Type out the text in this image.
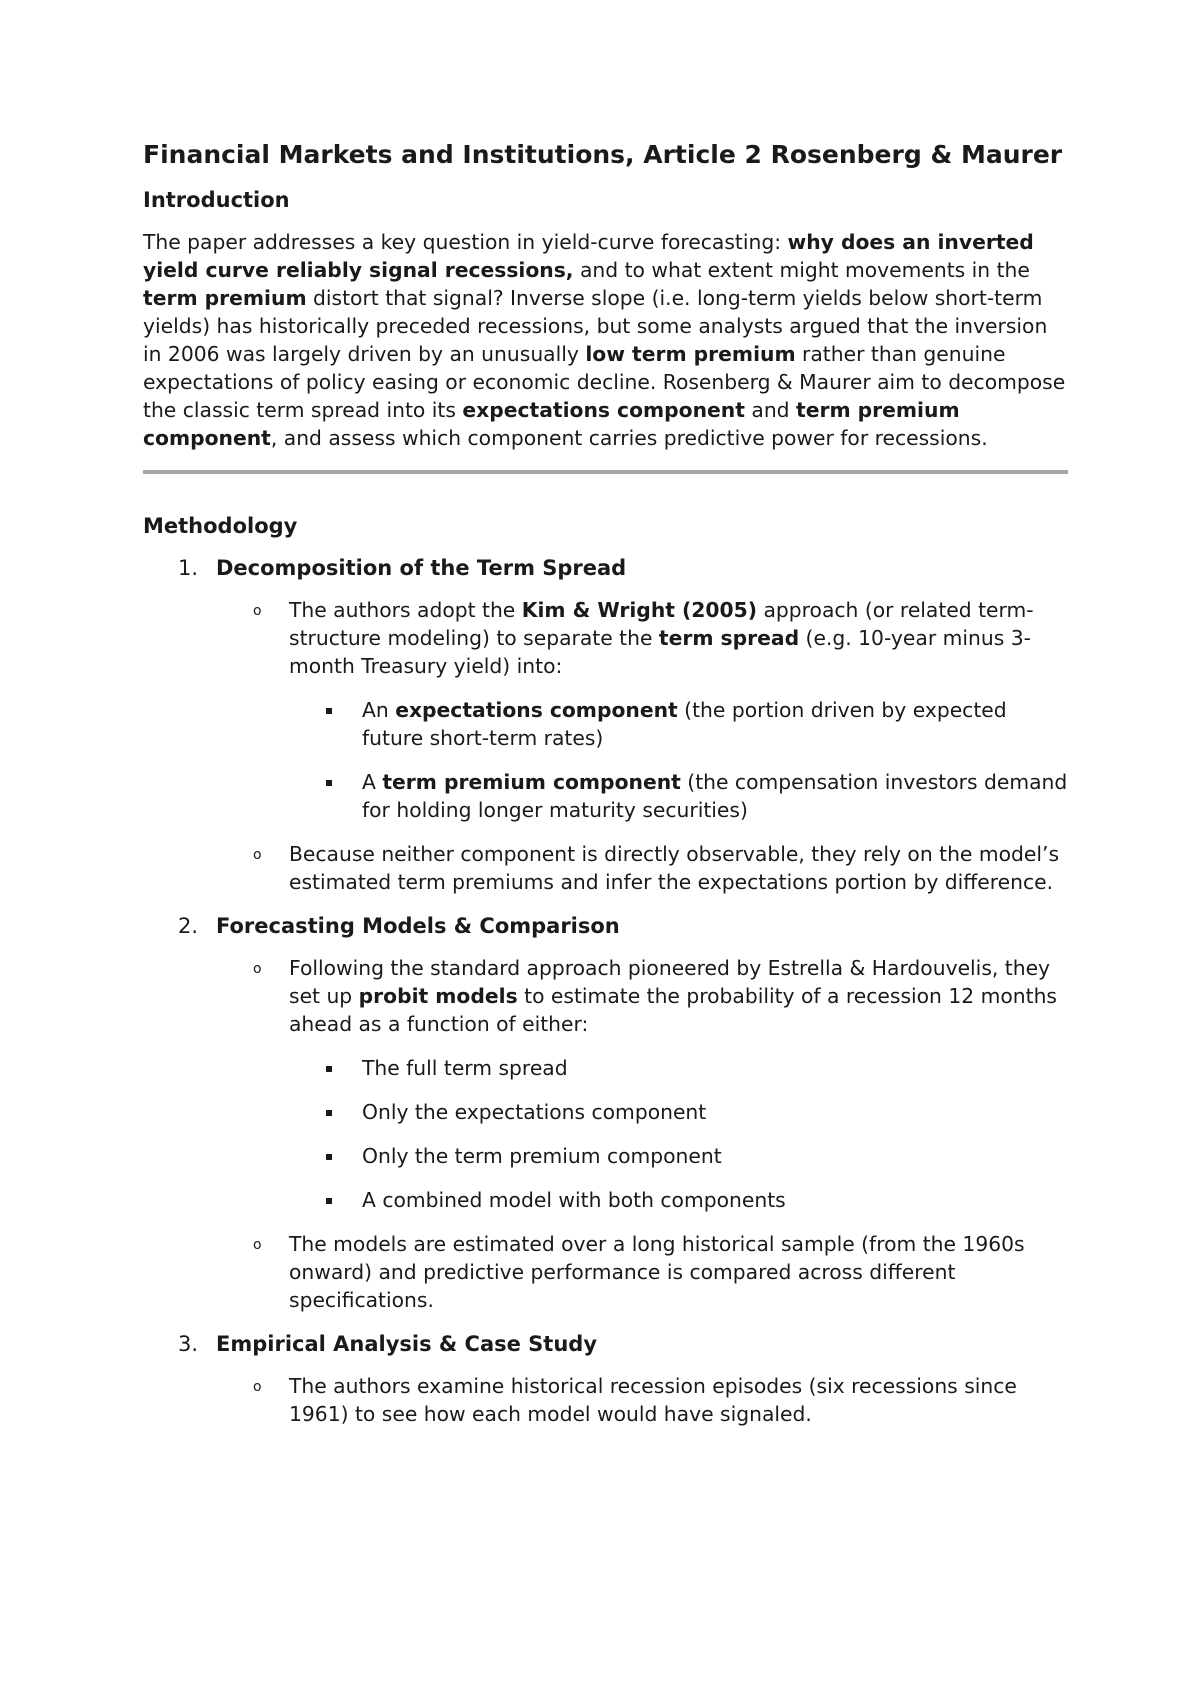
Financial Markets and Institutions, Article 2 Rosenberg & Maurer
Introduction

The paper addresses a key question in yield-curve forecasting: why does an inverted yield curve reliably signal recessions, and to what extent might movements in the term premium distort that signal? Inverse slope (i.e. long-term yields below short-term yields) has historically preceded recessions, but some analysts argued that the inversion in 2006 was largely driven by an unusually low term premium rather than genuine expectations of policy easing or economic decline. Rosenberg & Maurer aim to decompose the classic term spread into its expectations component and term premium component, and assess which component carries predictive power for recessions.

Methodology
1. Decomposition of the Term Spread
o The authors adopt the Kim & Wright (2005) approach (or related term-structure modeling) to separate the term spread (e.g. 10-year minus 3-month Treasury yield) into:
An expectations component (the portion driven by expected future short-term rates)
A term premium component (the compensation investors demand for holding longer maturity securities)
o Because neither component is directly observable, they rely on the model’s estimated term premiums and infer the expectations portion by difference.
2. Forecasting Models & Comparison
o Following the standard approach pioneered by Estrella & Hardouvelis, they set up probit models to estimate the probability of a recession 12 months ahead as a function of either:
The full term spread
Only the expectations component
Only the term premium component
A combined model with both components
o The models are estimated over a long historical sample (from the 1960s onward) and predictive performance is compared across different specifications.
3. Empirical Analysis & Case Study
o The authors examine historical recession episodes (six recessions since 1961) to see how each model would have signaled.
